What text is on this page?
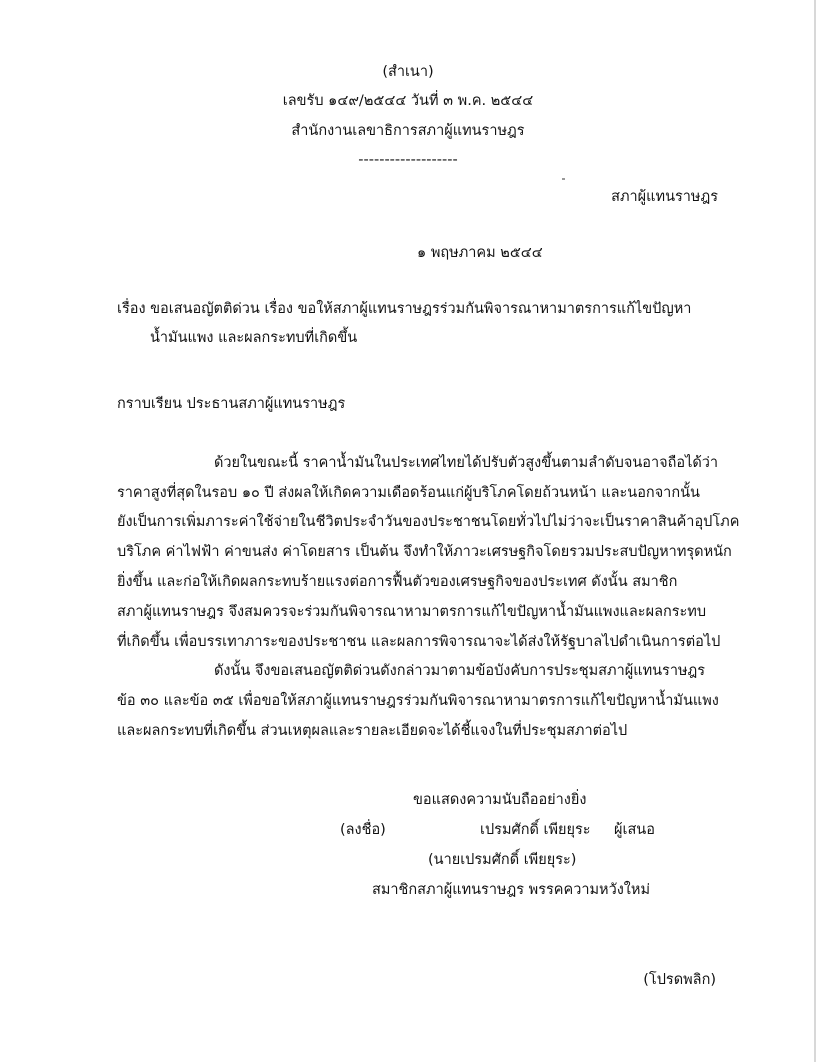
(สำเนา)
เลขรับ ๑๔๙/๒๕๔๔ วันที่ ๓ พ.ค. ๒๕๔๔
สำนักงานเลขาธิการสภาผู้แทนราษฎร
-------------------
สภาผู้แทนราษฎร
๑ พฤษภาคม ๒๕๔๔
เรื่อง ขอเสนอญัตติด่วน เรื่อง ขอให้สภาผู้แทนราษฎรร่วมกันพิจารณาหามาตรการแก้ไขปัญหา
น้ำมันแพง และผลกระทบที่เกิดขึ้น
กราบเรียน ประธานสภาผู้แทนราษฎร
ด้วยในขณะนี้ ราคาน้ำมันในประเทศไทยได้ปรับตัวสูงขึ้นตามลำดับจนอาจถือได้ว่า
ราคาสูงที่สุดในรอบ ๑๐ ปี ส่งผลให้เกิดความเดือดร้อนแก่ผู้บริโภคโดยถ้วนหน้า และนอกจากนั้น
ยังเป็นการเพิ่มภาระค่าใช้จ่ายในชีวิตประจำวันของประชาชนโดยทั่วไปไม่ว่าจะเป็นราคาสินค้าอุปโภค
บริโภค ค่าไฟฟ้า ค่าขนส่ง ค่าโดยสาร เป็นต้น จึงทำให้ภาวะเศรษฐกิจโดยรวมประสบปัญหาทรุดหนัก
ยิ่งขึ้น และก่อให้เกิดผลกระทบร้ายแรงต่อการฟื้นตัวของเศรษฐกิจของประเทศ ดังนั้น สมาชิก
สภาผู้แทนราษฎร จึงสมควรจะร่วมกันพิจารณาหามาตรการแก้ไขปัญหาน้ำมันแพงและผลกระทบ
ที่เกิดขึ้น เพื่อบรรเทาภาระของประชาชน และผลการพิจารณาจะได้ส่งให้รัฐบาลไปดำเนินการต่อไป
ดังนั้น จึงขอเสนอญัตติด่วนดังกล่าวมาตามข้อบังคับการประชุมสภาผู้แทนราษฎร
ข้อ ๓๐ และข้อ ๓๕ เพื่อขอให้สภาผู้แทนราษฎรร่วมกันพิจารณาหามาตรการแก้ไขปัญหาน้ำมันแพง
และผลกระทบที่เกิดขึ้น ส่วนเหตุผลและรายละเอียดจะได้ชี้แจงในที่ประชุมสภาต่อไป
ขอแสดงความนับถืออย่างยิ่ง
(ลงชื่อ)	เปรมศักดิ์ เพียยุระ ผู้เสนอ
(นายเปรมศักดิ์ เพียยุระ)
สมาชิกสภาผู้แทนราษฎร พรรคความหวังใหม่
(โปรดพลิก)
